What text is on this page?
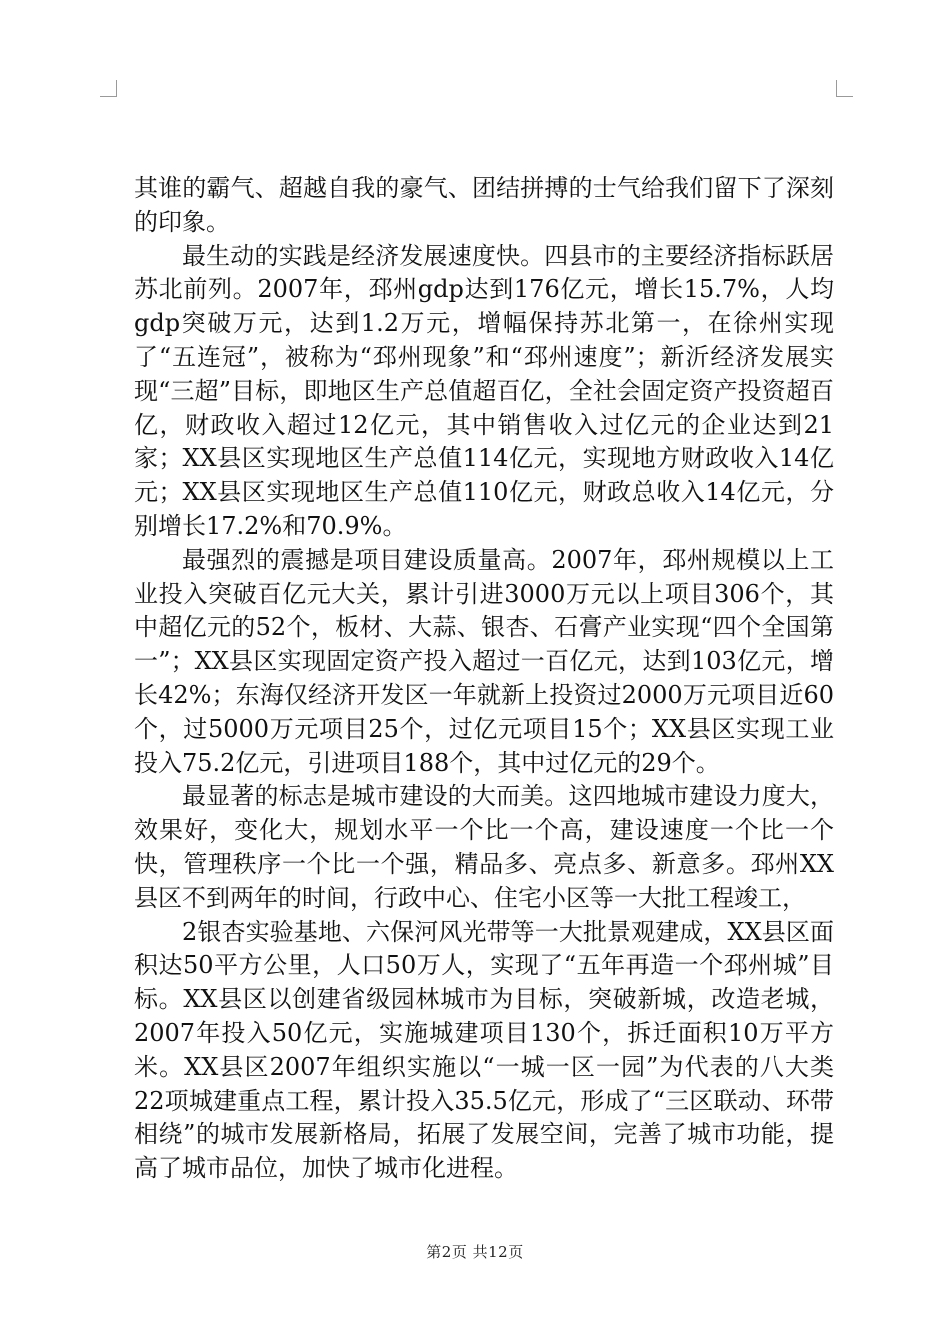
其谁的霸气、超越自我的豪气、团结拼搏的士气给我们留下了深刻的印象。

最生动的实践是经济发展速度快。四县市的主要经济指标跃居苏北前列。2007年，邳州gdp达到176亿元，增长15.7%，人均gdp突破万元，达到1.2万元，增幅保持苏北第一，在徐州实现了“五连冠”，被称为“邳州现象”和“邳州速度”；新沂经济发展实现“三超”目标，即地区生产总值超百亿，全社会固定资产投资超百亿，财政收入超过12亿元，其中销售收入过亿元的企业达到21家；XX县区实现地区生产总值114亿元，实现地方财政收入14亿元；XX县区实现地区生产总值110亿元，财政总收入14亿元，分别增长17.2%和70.9%。

最强烈的震撼是项目建设质量高。2007年，邳州规模以上工业投入突破百亿元大关，累计引进3000万元以上项目306个，其中超亿元的52个，板材、大蒜、银杏、石膏产业实现“四个全国第一”；XX县区实现固定资产投入超过一百亿元，达到103亿元，增长42%；东海仅经济开发区一年就新上投资过2000万元项目近60个，过5000万元项目25个，过亿元项目15个；XX县区实现工业投入75.2亿元，引进项目188个，其中过亿元的29个。

最显著的标志是城市建设的大而美。这四地城市建设力度大，效果好，变化大，规划水平一个比一个高，建设速度一个比一个快，管理秩序一个比一个强，精品多、亮点多、新意多。邳州XX县区不到两年的时间，行政中心、住宅小区等一大批工程竣工，

2银杏实验基地、六保河风光带等一大批景观建成，XX县区面积达50平方公里，人口50万人，实现了“五年再造一个邳州城”目标。XX县区以创建省级园林城市为目标，突破新城，改造老城，2007年投入50亿元，实施城建项目130个，拆迁面积10万平方米。XX县区2007年组织实施以“一城一区一园”为代表的八大类22项城建重点工程，累计投入35.5亿元，形成了“三区联动、环带相绕”的城市发展新格局，拓展了发展空间，完善了城市功能，提高了城市品位，加快了城市化进程。

第2页 共12页
